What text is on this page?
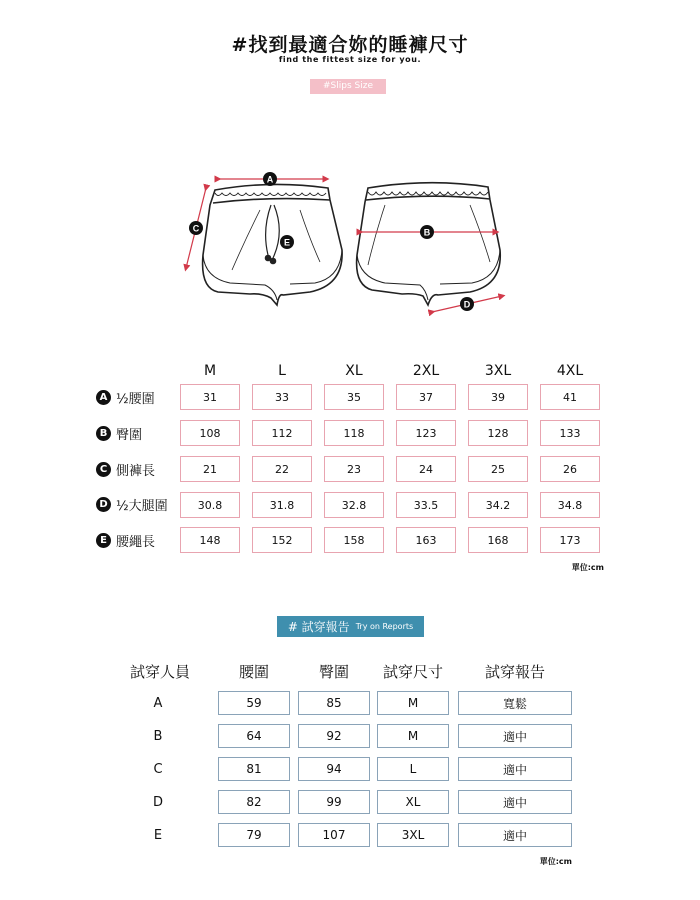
#找到最適合妳的睡褲尺寸
find the fittest size for you.
#Slips Size
A
C
E
B
D
M	L	XL	2XL	3XL	4XL
A ½腰圍	31	33	35	37	39	41
B 臀圍	108	112	118	123	128	133
C 側褲長	21	22	23	24	25	26
D ½大腿圍	30.8	31.8	32.8	33.5	34.2	34.8
E 腰繩長	148	152	158	163	168	173
單位:cm
# 試穿報告 Try on Reports
試穿人員	腰圍	臀圍	試穿尺寸	試穿報告
A	59	85	M	寬鬆
B	64	92	M	適中
C	81	94	L	適中
D	82	99	XL	適中
E	79	107	3XL	適中
單位:cm
